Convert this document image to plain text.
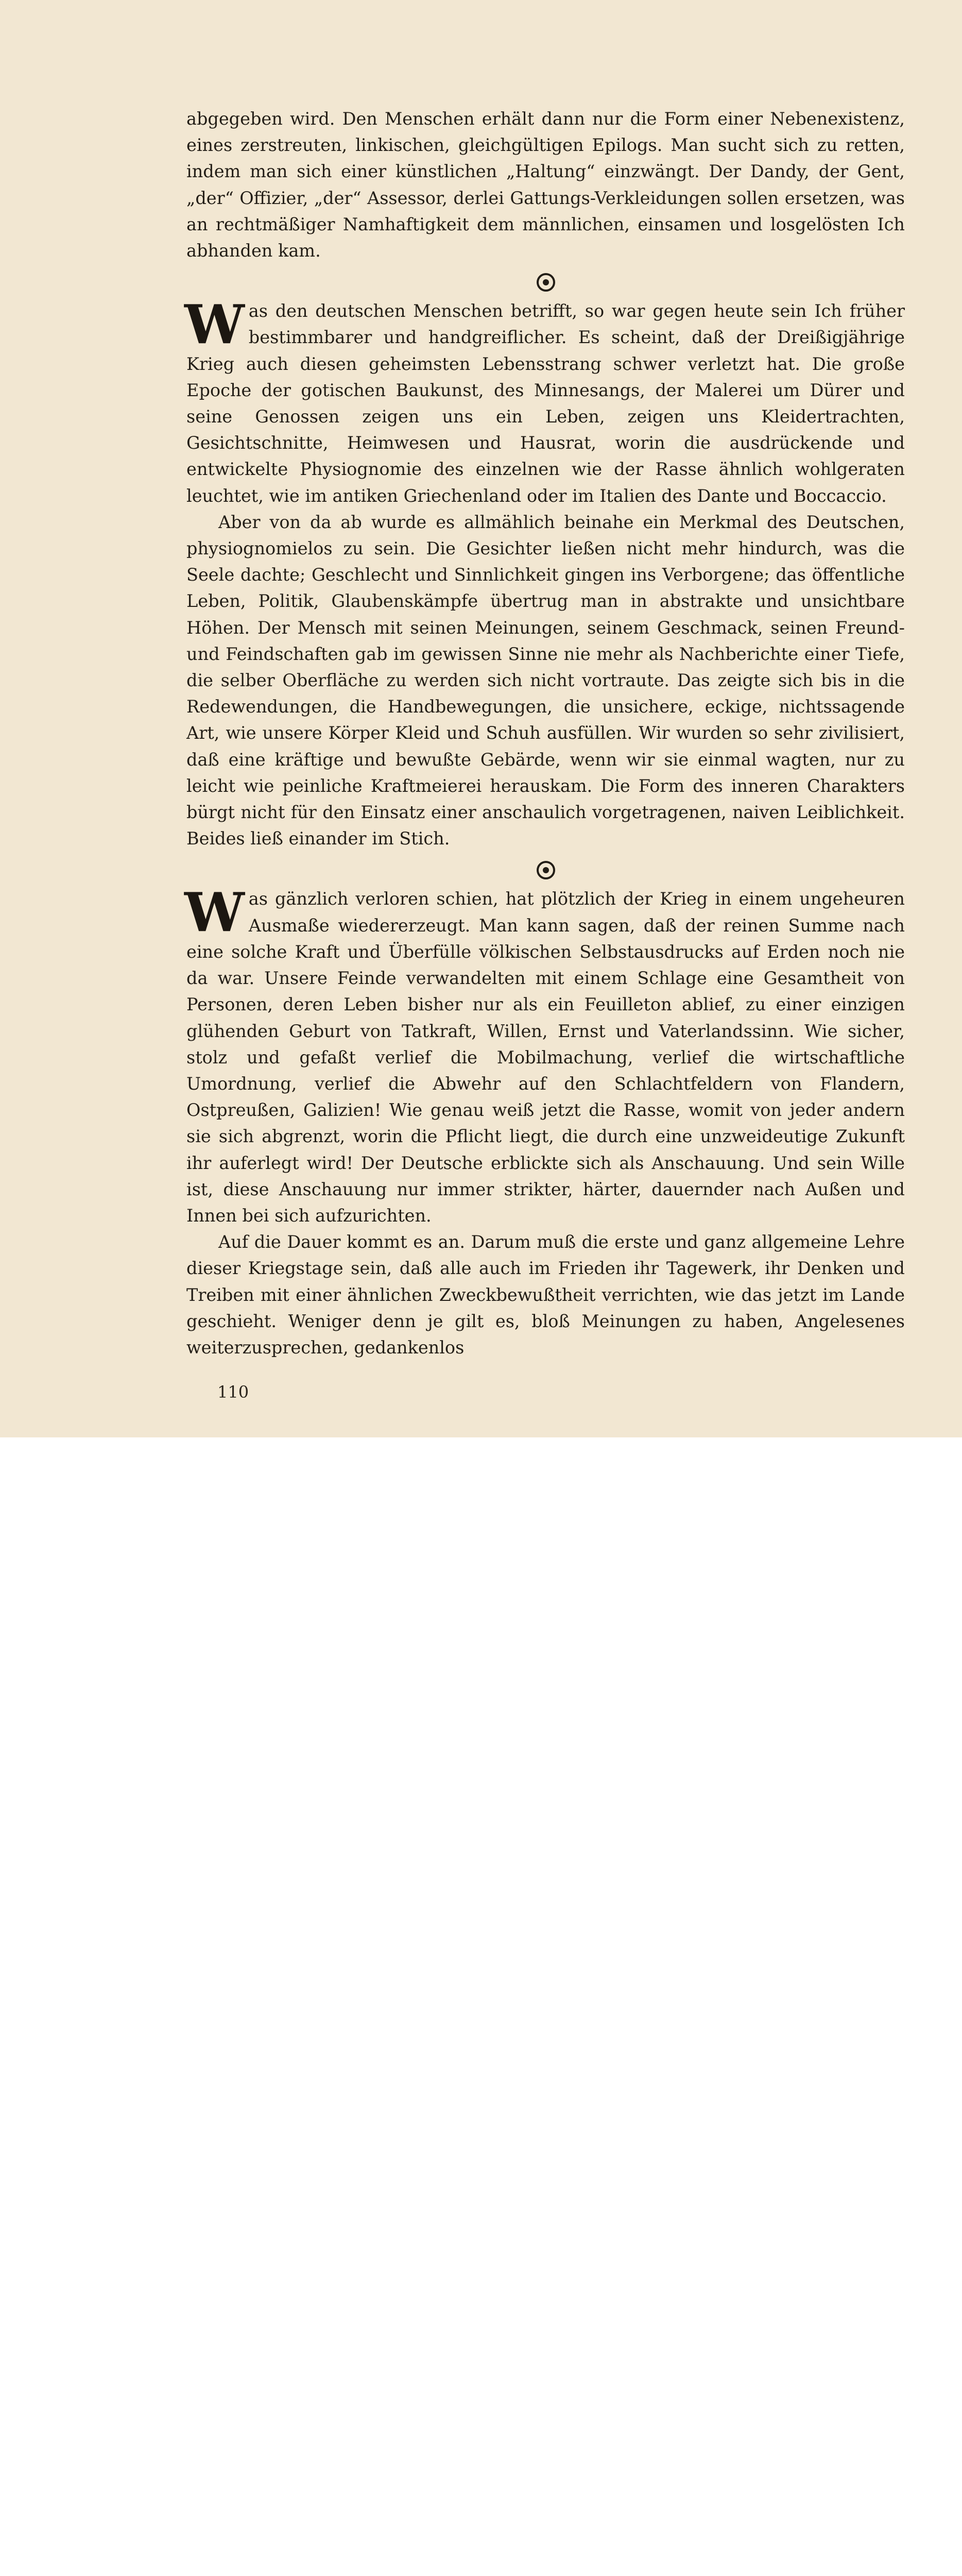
abgegeben wird. Den Menschen erhält dann nur die Form einer Nebenexistenz, eines zerstreuten, linkischen, gleichgültigen Epilogs. Man sucht sich zu retten, indem man sich einer künstlichen „Haltung“ einzwängt. Der Dandy, der Gent, „der“ Offizier, „der“ Assessor, derlei Gattungs-Verkleidungen sollen ersetzen, was an rechtmäßiger Namhaftigkeit dem männlichen, einsamen und losgelösten Ich abhanden kam.

W as den deutschen Menschen betrifft, so war gegen heute sein Ich früher bestimmbarer und handgreiflicher. Es scheint, daß der Dreißigjährige Krieg auch diesen geheimsten Lebensstrang schwer verletzt hat. Die große Epoche der gotischen Baukunst, des Minnesangs, der Malerei um Dürer und seine Genossen zeigen uns ein Leben, zeigen uns Kleidertrachten, Gesichtschnitte, Heimwesen und Hausrat, worin die ausdrückende und entwickelte Physiognomie des einzelnen wie der Rasse ähnlich wohlgeraten leuchtet, wie im antiken Griechenland oder im Italien des Dante und Boccaccio.

Aber von da ab wurde es allmählich beinahe ein Merkmal des Deutschen, physiognomielos zu sein. Die Gesichter ließen nicht mehr hindurch, was die Seele dachte; Geschlecht und Sinnlichkeit gingen ins Verborgene; das öffentliche Leben, Politik, Glaubenskämpfe übertrug man in abstrakte und unsichtbare Höhen. Der Mensch mit seinen Meinungen, seinem Geschmack, seinen Freund- und Feindschaften gab im gewissen Sinne nie mehr als Nachberichte einer Tiefe, die selber Oberfläche zu werden sich nicht vortraute. Das zeigte sich bis in die Redewendungen, die Handbewegungen, die unsichere, eckige, nichtssagende Art, wie unsere Körper Kleid und Schuh ausfüllen. Wir wurden so sehr zivilisiert, daß eine kräftige und bewußte Gebärde, wenn wir sie einmal wagten, nur zu leicht wie peinliche Kraftmeierei herauskam. Die Form des inneren Charakters bürgt nicht für den Einsatz einer anschaulich vorgetragenen, naiven Leiblichkeit. Beides ließ einander im Stich.

W as gänzlich verloren schien, hat plötzlich der Krieg in einem ungeheuren Ausmaße wiedererzeugt. Man kann sagen, daß der reinen Summe nach eine solche Kraft und Überfülle völkischen Selbstausdrucks auf Erden noch nie da war. Unsere Feinde verwandelten mit einem Schlage eine Gesamtheit von Personen, deren Leben bisher nur als ein Feuilleton ablief, zu einer einzigen glühenden Geburt von Tatkraft, Willen, Ernst und Vaterlandssinn. Wie sicher, stolz und gefaßt verlief die Mobilmachung, verlief die wirtschaftliche Umordnung, verlief die Abwehr auf den Schlachtfeldern von Flandern, Ostpreußen, Galizien! Wie genau weiß jetzt die Rasse, womit von jeder andern sie sich abgrenzt, worin die Pflicht liegt, die durch eine unzweideutige Zukunft ihr auferlegt wird! Der Deutsche erblickte sich als Anschauung. Und sein Wille ist, diese Anschauung nur immer strikter, härter, dauernder nach Außen und Innen bei sich aufzurichten.

Auf die Dauer kommt es an. Darum muß die erste und ganz allgemeine Lehre dieser Kriegstage sein, daß alle auch im Frieden ihr Tagewerk, ihr Denken und Treiben mit einer ähnlichen Zweckbewußtheit verrichten, wie das jetzt im Lande geschieht. Weniger denn je gilt es, bloß Meinungen zu haben, Angelesenes weiterzusprechen, gedankenlos

110
